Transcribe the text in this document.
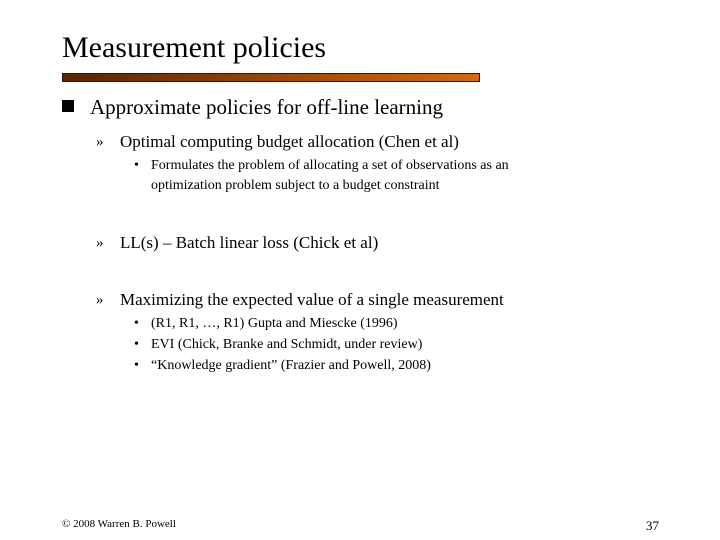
Measurement policies
Approximate policies for off-line learning
» Optimal computing budget allocation (Chen et al)
• Formulates the problem of allocating a set of observations as an
optimization problem subject to a budget constraint
» LL(s) – Batch linear loss (Chick et al)
» Maximizing the expected value of a single measurement
• (R1, R1, …, R1) Gupta and Miescke (1996)
• EVI (Chick, Branke and Schmidt, under review)
• “Knowledge gradient” (Frazier and Powell, 2008)
© 2008 Warren B. Powell	37
